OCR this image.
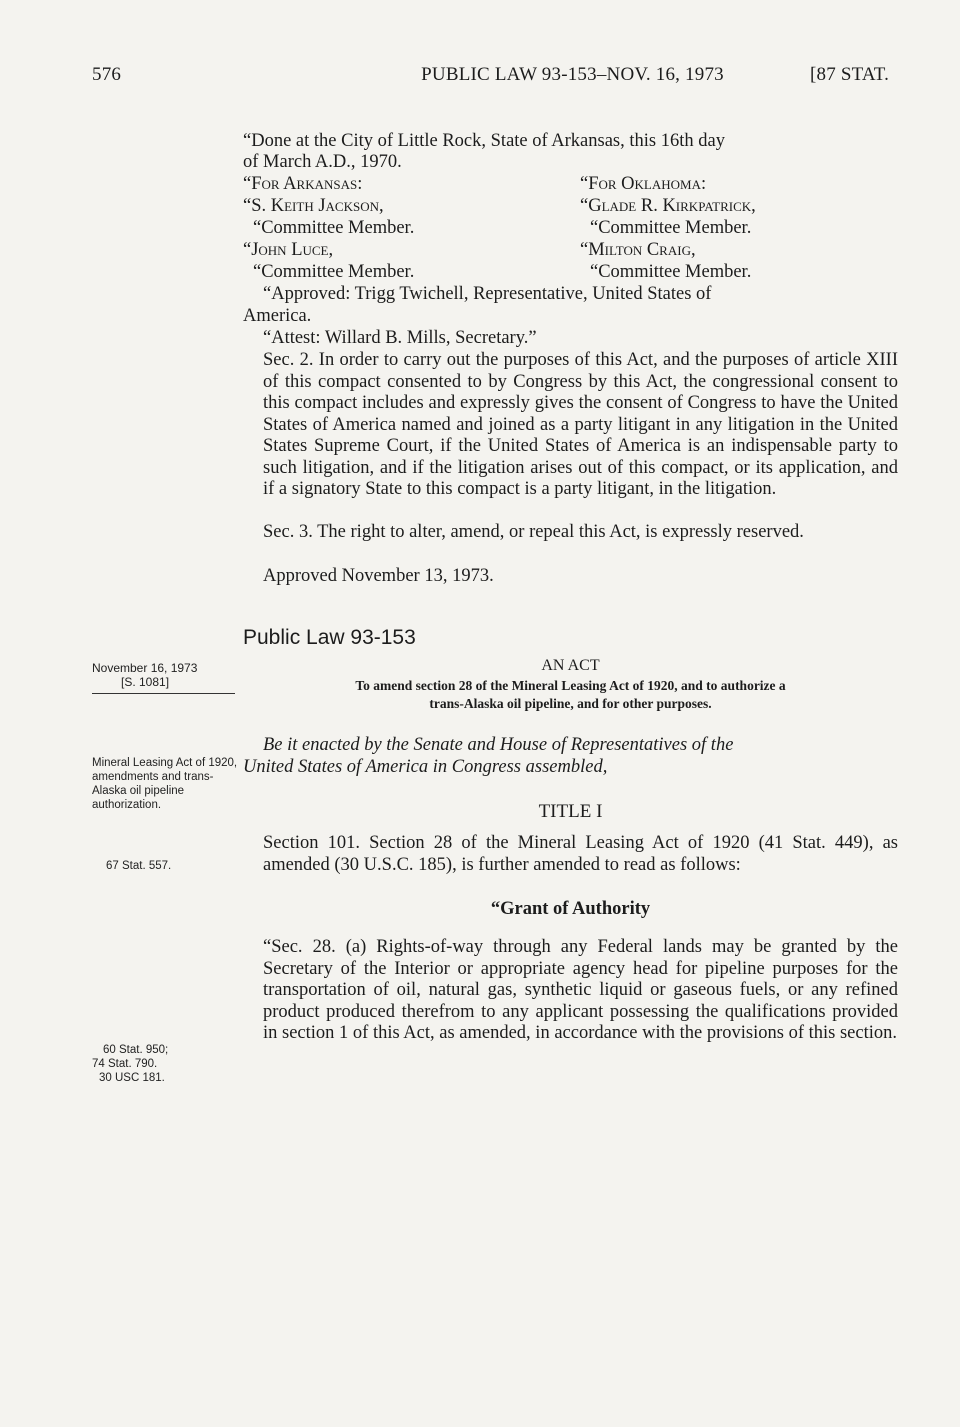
576	PUBLIC LAW 93-153–NOV. 16, 1973	[87 STAT.
“Done at the City of Little Rock, State of Arkansas, this 16th day
of March A.D., 1970.
“For Arkansas:	“For Oklahoma:
“S. Keith Jackson,	“Glade R. Kirkpatrick,
“Committee Member.	“Committee Member.
“John Luce,	“Milton Craig,
“Committee Member.	“Committee Member.
“Approved: Trigg Twichell, Representative, United States of
America.
“Attest: Willard B. Mills, Secretary.”
Sec. 2. In order to carry out the purposes of this Act, and the purposes of article XIII of this compact consented to by Congress by this Act, the congressional consent to this compact includes and expressly gives the consent of Congress to have the United States of America named and joined as a party litigant in any litigation in the United States Supreme Court, if the United States of America is an indispensable party to such litigation, and if the litigation arises out of this compact, or its application, and if a signatory State to this compact is a party litigant, in the litigation.
Sec. 3. The right to alter, amend, or repeal this Act, is expressly reserved.
Approved November 13, 1973.
Public Law 93-153
November 16, 1973
[S. 1081]
AN ACT
To amend section 28 of the Mineral Leasing Act of 1920, and to authorize a
trans-Alaska oil pipeline, and for other purposes.
Be it enacted by the Senate and House of Representatives of the
United States of America in Congress assembled,
Mineral Leasing Act of 1920, amendments and trans-Alaska oil pipeline authorization.
67 Stat. 557.
TITLE I
Section 101. Section 28 of the Mineral Leasing Act of 1920 (41 Stat. 449), as amended (30 U.S.C. 185), is further amended to read as follows:
“Grant of Authority
“Sec. 28. (a) Rights-of-way through any Federal lands may be granted by the Secretary of the Interior or appropriate agency head for pipeline purposes for the transportation of oil, natural gas, synthetic liquid or gaseous fuels, or any refined product produced therefrom to any applicant possessing the qualifications provided in section 1 of this Act, as amended, in accordance with the provisions of this section.
60 Stat. 950;
74 Stat. 790.
30 USC 181.
